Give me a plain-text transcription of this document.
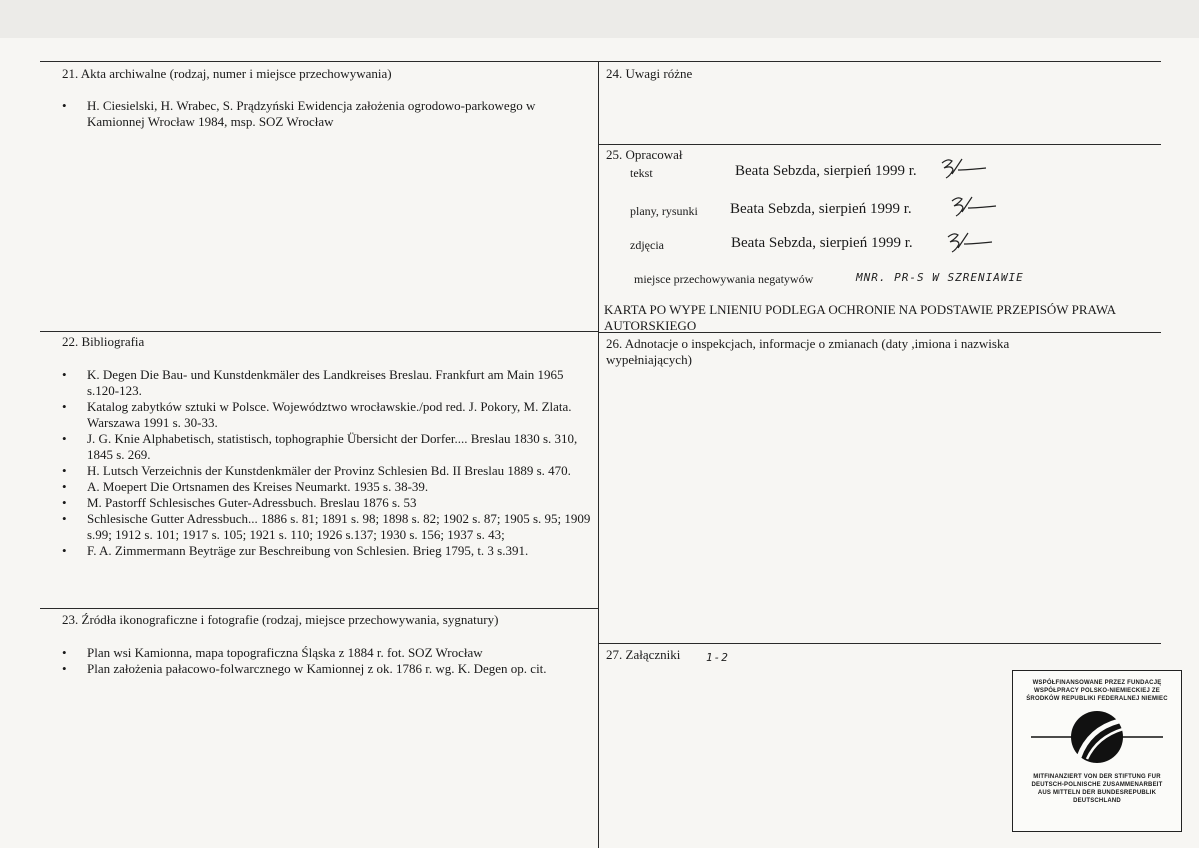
21. Akta archiwalne (rodzaj, numer i miejsce przechowywania)
• H. Ciesielski, H. Wrabec, S. Prądzyński Ewidencja założenia ogrodowo-parkowego w Kamionnej Wrocław 1984, msp. SOZ Wrocław
22. Bibliografia
• K. Degen Die Bau- und Kunstdenkmäler des Landkreises Breslau. Frankfurt am Main 1965 s.120-123.
• Katalog zabytków sztuki w Polsce. Województwo wrocławskie./pod red. J. Pokory, M. Zlata. Warszawa 1991 s. 30-33.
• J. G. Knie Alphabetisch, statistisch, tophographie Übersicht der Dorfer.... Breslau 1830 s. 310, 1845 s. 269.
• H. Lutsch Verzeichnis der Kunstdenkmäler der Provinz Schlesien Bd. II Breslau 1889 s. 470.
• A. Moepert Die Ortsnamen des Kreises Neumarkt. 1935 s. 38-39.
• M. Pastorff Schlesisches Guter-Adressbuch. Breslau 1876 s. 53
• Schlesische Gutter Adressbuch... 1886 s. 81; 1891 s. 98; 1898 s. 82; 1902 s. 87; 1905 s. 95; 1909 s.99; 1912 s. 101; 1917 s. 105; 1921 s. 110; 1926 s.137; 1930 s. 156; 1937 s. 43;
• F. A. Zimmermann Beyträge zur Beschreibung von Schlesien. Brieg 1795, t. 3 s.391.
23. Źródła ikonograficzne i fotografie (rodzaj, miejsce przechowywania, sygnatury)
• Plan wsi Kamionna, mapa topograficzna Śląska z 1884 r. fot. SOZ Wrocław
• Plan założenia pałacowo-folwarcznego w Kamionnej z ok. 1786 r. wg. K. Degen op. cit.
24. Uwagi różne
25. Opracował
tekst	Beata Sebzda, sierpień 1999 r.
plany, rysunki Beata Sebzda, sierpień 1999 r.
zdjęcia	Beata Sebzda, sierpień 1999 r.
miejsce przechowywania negatywów	MNR. PR-S W SZRENIAWIE
KARTA PO WYPE LNIENIU PODLEGA OCHRONIE NA PODSTAWIE PRZEPISÓW PRAWA AUTORSKIEGO
26. Adnotacje o inspekcjach, informacje o zmianach (daty ,imiona i nazwiska wypełniających)
27. Załączniki 1-2
WSPÓŁFINANSOWANE PRZEZ FUNDACJĘ WSPÓŁPRACY POLSKO-NIEMIECKIEJ ZE ŚRODKÓW REPUBLIKI FEDERALNEJ NIEMIEC
MITFINANZIERT VON DER STIFTUNG FUR DEUTSCH-POLNISCHE ZUSAMMENARBEIT AUS MITTELN DER BUNDESREPUBLIK DEUTSCHLAND
